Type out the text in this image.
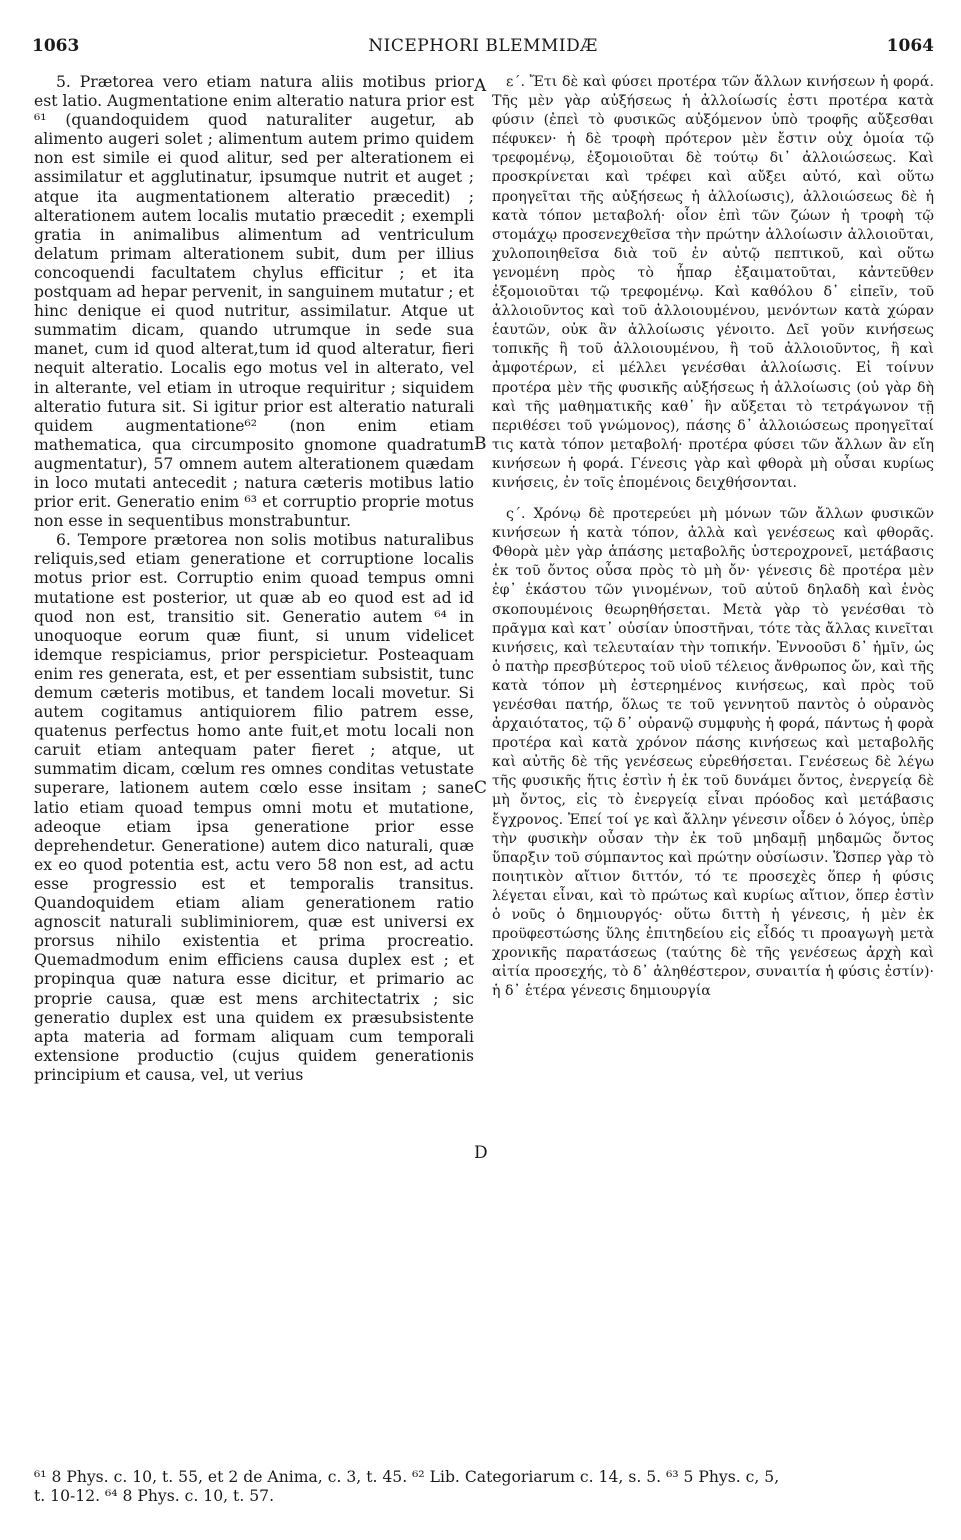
1063	NICEPHORI BLEMMIDÆ	1064

5. Prætorea vero etiam natura aliis motibus prior est latio. Augmentatione enim alteratio natura prior est ⁶¹ (quandoquidem quod naturaliter augetur, ab alimento augeri solet ; alimentum autem primo quidem non est simile ei quod alitur, sed per alterationem ei assimilatur et agglutinatur, ipsumque nutrit et auget ; atque ita augmentationem alteratio præcedit) ; alterationem autem localis mutatio præcedit ; exempli gratia in animalibus alimentum ad ventriculum delatum primam alterationem subit, dum per illius concoquendi facultatem chylus efficitur ; et ita postquam ad hepar pervenit, in sanguinem mutatur ; et hinc denique ei quod nutritur, assimilatur. Atque ut summatim dicam, quando utrumque in sede sua manet, cum id quod alterat,tum id quod alteratur, fieri nequit alteratio. Localis ego motus vel in alterato, vel in alterante, vel etiam in utroque requiritur ; siquidem alteratio futura sit. Si igitur prior est alteratio naturali quidem augmentatione⁶² (non enim etiam mathematica, qua circumposito gnomone quadratum augmentatur), 57 omnem autem alterationem quædam in loco mutati antecedit ; natura cæteris motibus latio prior erit. Generatio enim ⁶³ et corruptio proprie motus non esse in sequentibus monstrabuntur.

6. Tempore prætorea non solis motibus naturalibus reliquis,sed etiam generatione et corruptione localis motus prior est. Corruptio enim quoad tempus omni mutatione est posterior, ut quæ ab eo quod est ad id quod non est, transitio sit. Generatio autem ⁶⁴ in unoquoque eorum quæ fiunt, si unum videlicet idemque respiciamus, prior perspicietur. Posteaquam enim res generata, est, et per essentiam subsistit, tunc demum cæteris motibus, et tandem locali movetur. Si autem cogitamus antiquiorem filio patrem esse, quatenus perfectus homo ante fuit,et motu locali non caruit etiam antequam pater fieret ; atque, ut summatim dicam, cœlum res omnes conditas vetustate superare, lationem autem cœlo esse insitam ; sane latio etiam quoad tempus omni motu et mutatione, adeoque etiam ipsa generatione prior esse deprehendetur. Generatione) autem dico naturali, quæ ex eo quod potentia est, actu vero 58 non est, ad actu esse progressio est et temporalis transitus. Quandoquidem etiam aliam generationem ratio agnoscit naturali subliminiorem, quæ est universi ex prorsus nihilo existentia et prima procreatio. Quemadmodum enim efficiens causa duplex est ; et propinqua quæ natura esse dicitur, et primario ac proprie causa, quæ est mens architectatrix ; sic generatio duplex est una quidem ex præsubsistente apta materia ad formam aliquam cum temporali extensione productio (cujus quidem generationis principium et causa, vel, ut verius

A
B
C
D

ε΄. Ἔτι δὲ καὶ φύσει προτέρα τῶν ἄλλων κινήσεων ἡ φορά. Τῆς μὲν γὰρ αὐξήσεως ἡ ἀλλοίωσίς ἐστι προτέρα κατὰ φύσιν (ἐπεὶ τὸ φυσικῶς αὐξόμενον ὑπὸ τροφῆς αὔξεσθαι πέφυκεν· ἡ δὲ τροφὴ πρότερον μὲν ἔστιν οὐχ ὁμοία τῷ τρεφομένῳ, ἐξομοιοῦται δὲ τούτῳ δι᾽ ἀλλοιώσεως. Καὶ προσκρίνεται καὶ τρέφει καὶ αὔξει αὐτό, καὶ οὕτω προηγεῖται τῆς αὐξήσεως ἡ ἀλλοίωσις), ἀλλοιώσεως δὲ ἡ κατὰ τόπον μεταβολή· οἷον ἐπὶ τῶν ζώων ἡ τροφὴ τῷ στομάχῳ προσενεχθεῖσα τὴν πρώτην ἀλλοίωσιν ἀλλοιοῦται, χυλοποιηθεῖσα διὰ τοῦ ἐν αὐτῷ πεπτικοῦ, καὶ οὕτω γενομένη πρὸς τὸ ἧπαρ ἐξαιματοῦται, κἀντεῦθεν ἐξομοιοῦται τῷ τρεφομένῳ. Καὶ καθόλου δ᾽ εἰπεῖν, τοῦ ἀλλοιοῦντος καὶ τοῦ ἀλλοιουμένου, μενόντων κατὰ χώραν ἑαυτῶν, οὐκ ἂν ἀλλοίωσις γένοιτο. Δεῖ γοῦν κινήσεως τοπικῆς ἢ τοῦ ἀλλοιουμένου, ἢ τοῦ ἀλλοιοῦντος, ἢ καὶ ἀμφοτέρων, εἰ μέλλει γενέσθαι ἀλλοίωσις. Εἰ τοίνυν προτέρα μὲν τῆς φυσικῆς αὐξήσεως ἡ ἀλλοίωσις (οὐ γὰρ δὴ καὶ τῆς μαθηματικῆς καθ᾽ ἣν αὔξεται τὸ τετράγωνον τῇ περιθέσει τοῦ γνώμονος), πάσης δ᾽ ἀλλοιώσεως προηγεῖταί τις κατὰ τόπον μεταβολή· προτέρα φύσει τῶν ἄλλων ἂν εἴη κινήσεων ἡ φορά. Γένεσις γὰρ καὶ φθορὰ μὴ οὖσαι κυρίως κινήσεις, ἐν τοῖς ἑπομένοις δειχθήσονται.

ς΄. Χρόνῳ δὲ προτερεύει μὴ μόνων τῶν ἄλλων φυσικῶν κινήσεων ἡ κατὰ τόπον, ἀλλὰ καὶ γενέσεως καὶ φθορᾶς. Φθορὰ μὲν γὰρ ἁπάσης μεταβολῆς ὑστεροχρονεῖ, μετάβασις ἐκ τοῦ ὄντος οὖσα πρὸς τὸ μὴ ὄν· γένεσις δὲ προτέρα μὲν ἐφ᾽ ἑκάστου τῶν γινομένων, τοῦ αὐτοῦ δηλαδὴ καὶ ἑνὸς σκοπουμένοις θεωρηθήσεται. Μετὰ γὰρ τὸ γενέσθαι τὸ πρᾶγμα καὶ κατ᾽ οὐσίαν ὑποστῆναι, τότε τὰς ἄλλας κινεῖται κινήσεις, καὶ τελευταίαν τὴν τοπικήν. Ἐννοοῦσι δ᾽ ἡμῖν, ὡς ὁ πατὴρ πρεσβύτερος τοῦ υἱοῦ τέλειος ἄνθρωπος ὤν, καὶ τῆς κατὰ τόπον μὴ ἐστερημένος κινήσεως, καὶ πρὸς τοῦ γενέσθαι πατήρ, ὅλως τε τοῦ γεννητοῦ παντὸς ὁ οὐρανὸς ἀρχαιότατος, τῷ δ᾽ οὐρανῷ συμφυὴς ἡ φορά, πάντως ἡ φορὰ προτέρα καὶ κατὰ χρόνον πάσης κινήσεως καὶ μεταβολῆς καὶ αὐτῆς δὲ τῆς γενέσεως εὑρεθήσεται. Γενέσεως δὲ λέγω τῆς φυσικῆς ἥτις ἐστὶν ἡ ἐκ τοῦ δυνάμει ὄντος, ἐνεργείᾳ δὲ μὴ ὄντος, εἰς τὸ ἐνεργείᾳ εἶναι πρόοδος καὶ μετάβασις ἔγχρονος. Ἐπεί τοί γε καὶ ἄλλην γένεσιν οἶδεν ὁ λόγος, ὑπὲρ τὴν φυσικὴν οὖσαν τὴν ἐκ τοῦ μηδαμῇ μηδαμῶς ὄντος ὕπαρξιν τοῦ σύμπαντος καὶ πρώτην οὐσίωσιν. Ὥσπερ γὰρ τὸ ποιητικὸν αἴτιον διττόν, τό τε προσεχὲς ὅπερ ἡ φύσις λέγεται εἶναι, καὶ τὸ πρώτως καὶ κυρίως αἴτιον, ὅπερ ἐστὶν ὁ νοῦς ὁ δημιουργός· οὕτω διττὴ ἡ γένεσις, ἡ μὲν ἐκ προϋφεστώσης ὕλης ἐπιτηδείου εἰς εἶδός τι προαγωγὴ μετὰ χρονικῆς παρατάσεως (ταύτης δὲ τῆς γενέσεως ἀρχὴ καὶ αἰτία προσεχής, τὸ δ᾽ ἀληθέστερον, συναιτία ἡ φύσις ἐστίν)· ἡ δ᾽ ἑτέρα γένεσις δημιουργία

⁶¹ 8 Phys. c. 10, t. 55, et 2 de Anima, c. 3, t. 45. ⁶² Lib. Categoriarum c. 14, s. 5. ⁶³ 5 Phys. c, 5,
t. 10-12. ⁶⁴ 8 Phys. c. 10, t. 57.
